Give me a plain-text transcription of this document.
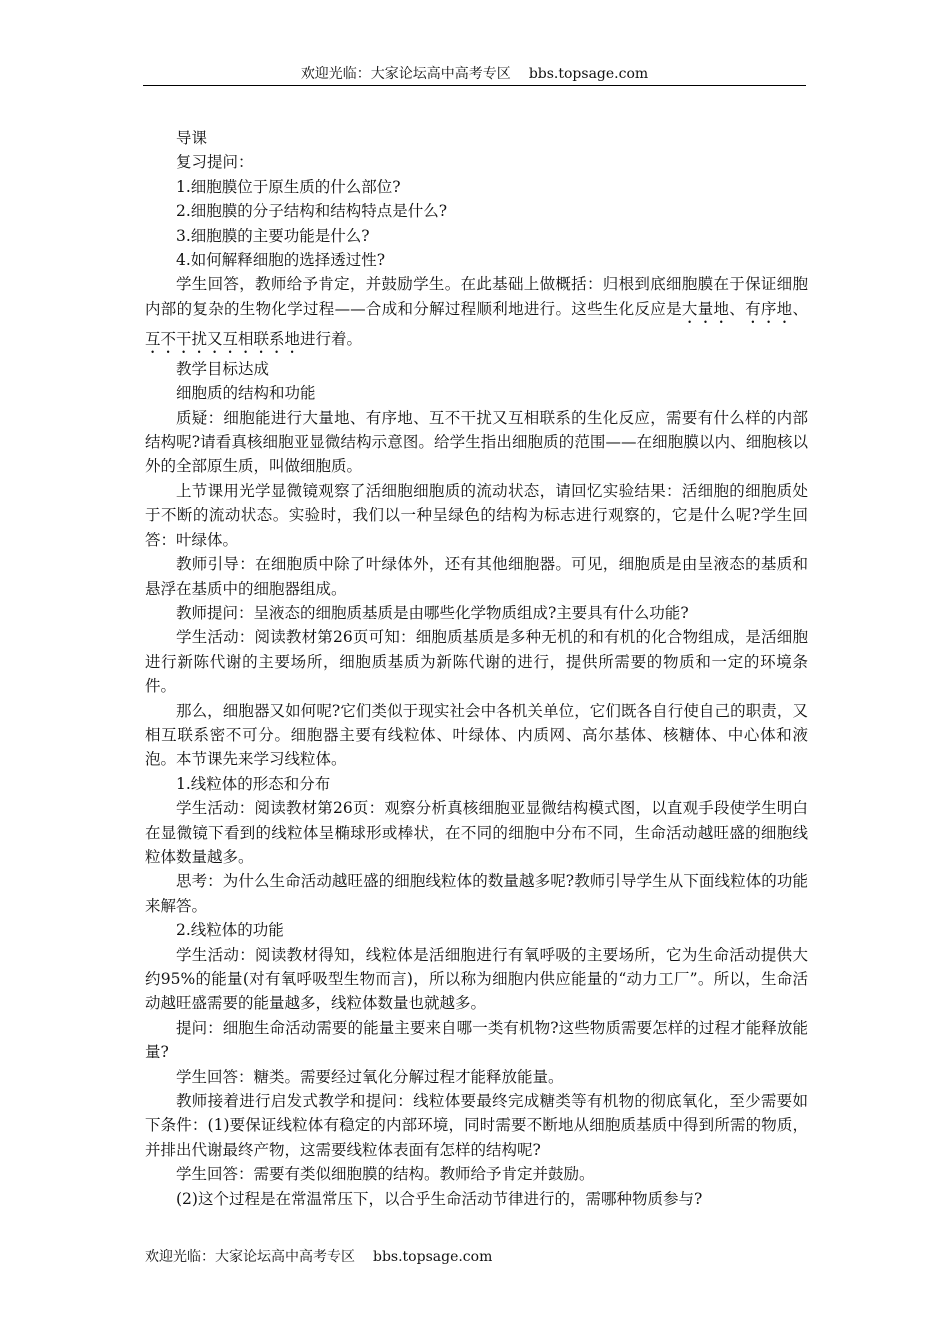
欢迎光临：大家论坛高中高考专区 bbs.topsage.com

导课

复习提问：

1.细胞膜位于原生质的什么部位?

2.细胞膜的分子结构和结构特点是什么?

3.细胞膜的主要功能是什么?

4.如何解释细胞的选择透过性?

学生回答，教师给予肯定，并鼓励学生。在此基础上做概括：归根到底细胞膜在于保证细胞内部的复杂的生物化学过程——合成和分解过程顺利地进行。这些生化反应是大量地、有序地、互不干扰又互相联系地进行着。

教学目标达成

细胞质的结构和功能

质疑：细胞能进行大量地、有序地、互不干扰又互相联系的生化反应，需要有什么样的内部结构呢?请看真核细胞亚显微结构示意图。给学生指出细胞质的范围——在细胞膜以内、细胞核以外的全部原生质，叫做细胞质。

上节课用光学显微镜观察了活细胞细胞质的流动状态，请回忆实验结果：活细胞的细胞质处于不断的流动状态。实验时，我们以一种呈绿色的结构为标志进行观察的，它是什么呢?学生回答：叶绿体。

教师引导：在细胞质中除了叶绿体外，还有其他细胞器。可见，细胞质是由呈液态的基质和悬浮在基质中的细胞器组成。

教师提问：呈液态的细胞质基质是由哪些化学物质组成?主要具有什么功能?

学生活动：阅读教材第26页可知：细胞质基质是多种无机的和有机的化合物组成，是活细胞进行新陈代谢的主要场所，细胞质基质为新陈代谢的进行，提供所需要的物质和一定的环境条件。

那么，细胞器又如何呢?它们类似于现实社会中各机关单位，它们既各自行使自己的职责，又相互联系密不可分。细胞器主要有线粒体、叶绿体、内质网、高尔基体、核糖体、中心体和液泡。本节课先来学习线粒体。

1.线粒体的形态和分布

学生活动：阅读教材第26页：观察分析真核细胞亚显微结构模式图，以直观手段使学生明白在显微镜下看到的线粒体呈椭球形或棒状，在不同的细胞中分布不同，生命活动越旺盛的细胞线粒体数量越多。

思考：为什么生命活动越旺盛的细胞线粒体的数量越多呢?教师引导学生从下面线粒体的功能来解答。

2.线粒体的功能

学生活动：阅读教材得知，线粒体是活细胞进行有氧呼吸的主要场所，它为生命活动提供大约95%的能量(对有氧呼吸型生物而言)，所以称为细胞内供应能量的“动力工厂”。所以，生命活动越旺盛需要的能量越多，线粒体数量也就越多。

提问：细胞生命活动需要的能量主要来自哪一类有机物?这些物质需要怎样的过程才能释放能量?

学生回答：糖类。需要经过氧化分解过程才能释放能量。

教师接着进行启发式教学和提问：线粒体要最终完成糖类等有机物的彻底氧化，至少需要如下条件：(1)要保证线粒体有稳定的内部环境，同时需要不断地从细胞质基质中得到所需的物质，并排出代谢最终产物，这需要线粒体表面有怎样的结构呢?

学生回答：需要有类似细胞膜的结构。教师给予肯定并鼓励。

(2)这个过程是在常温常压下，以合乎生命活动节律进行的，需哪种物质参与?

欢迎光临：大家论坛高中高考专区 bbs.topsage.com
